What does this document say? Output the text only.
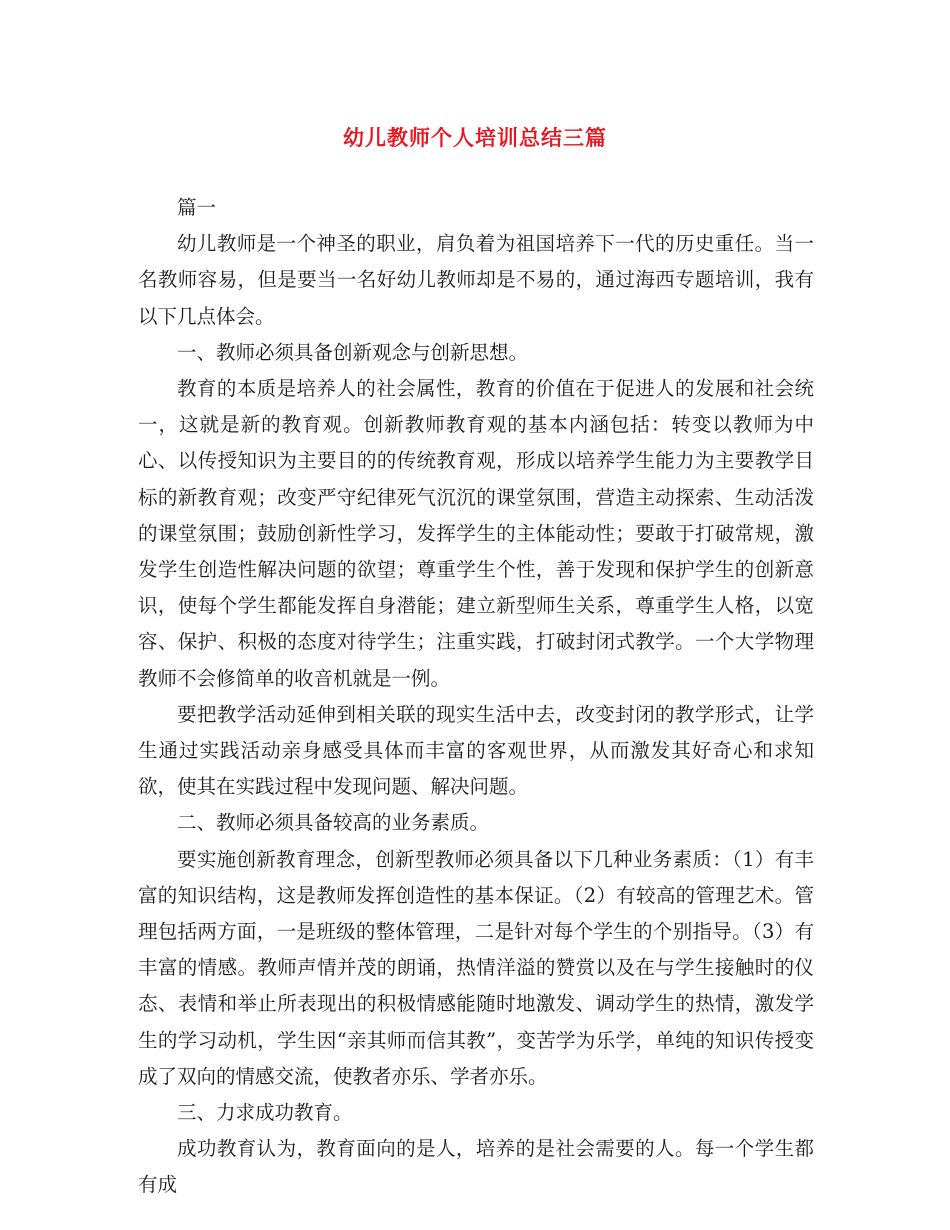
幼儿教师个人培训总结三篇

篇一

幼儿教师是一个神圣的职业，肩负着为祖国培养下一代的历史重任。当一名教师容易，但是要当一名好幼儿教师却是不易的，通过海西专题培训，我有以下几点体会。

一、教师必须具备创新观念与创新思想。

教育的本质是培养人的社会属性，教育的价值在于促进人的发展和社会统一，这就是新的教育观。创新教师教育观的基本内涵包括：转变以教师为中心、以传授知识为主要目的的传统教育观，形成以培养学生能力为主要教学目标的新教育观；改变严守纪律死气沉沉的课堂氛围，营造主动探索、生动活泼的课堂氛围；鼓励创新性学习，发挥学生的主体能动性；要敢于打破常规，激发学生创造性解决问题的欲望；尊重学生个性，善于发现和保护学生的创新意识，使每个学生都能发挥自身潜能；建立新型师生关系，尊重学生人格，以宽容、保护、积极的态度对待学生；注重实践，打破封闭式教学。一个大学物理教师不会修简单的收音机就是一例。

要把教学活动延伸到相关联的现实生活中去，改变封闭的教学形式，让学生通过实践活动亲身感受具体而丰富的客观世界，从而激发其好奇心和求知欲，使其在实践过程中发现问题、解决问题。

二、教师必须具备较高的业务素质。

要实施创新教育理念，创新型教师必须具备以下几种业务素质：（1）有丰富的知识结构，这是教师发挥创造性的基本保证。（2）有较高的管理艺术。管理包括两方面，一是班级的整体管理，二是针对每个学生的个别指导。（3）有丰富的情感。教师声情并茂的朗诵，热情洋溢的赞赏以及在与学生接触时的仪态、表情和举止所表现出的积极情感能随时地激发、调动学生的热情，激发学生的学习动机，学生因“亲其师而信其教”，变苦学为乐学，单纯的知识传授变成了双向的情感交流，使教者亦乐、学者亦乐。

三、力求成功教育。

成功教育认为，教育面向的是人，培养的是社会需要的人。每一个学生都有成
